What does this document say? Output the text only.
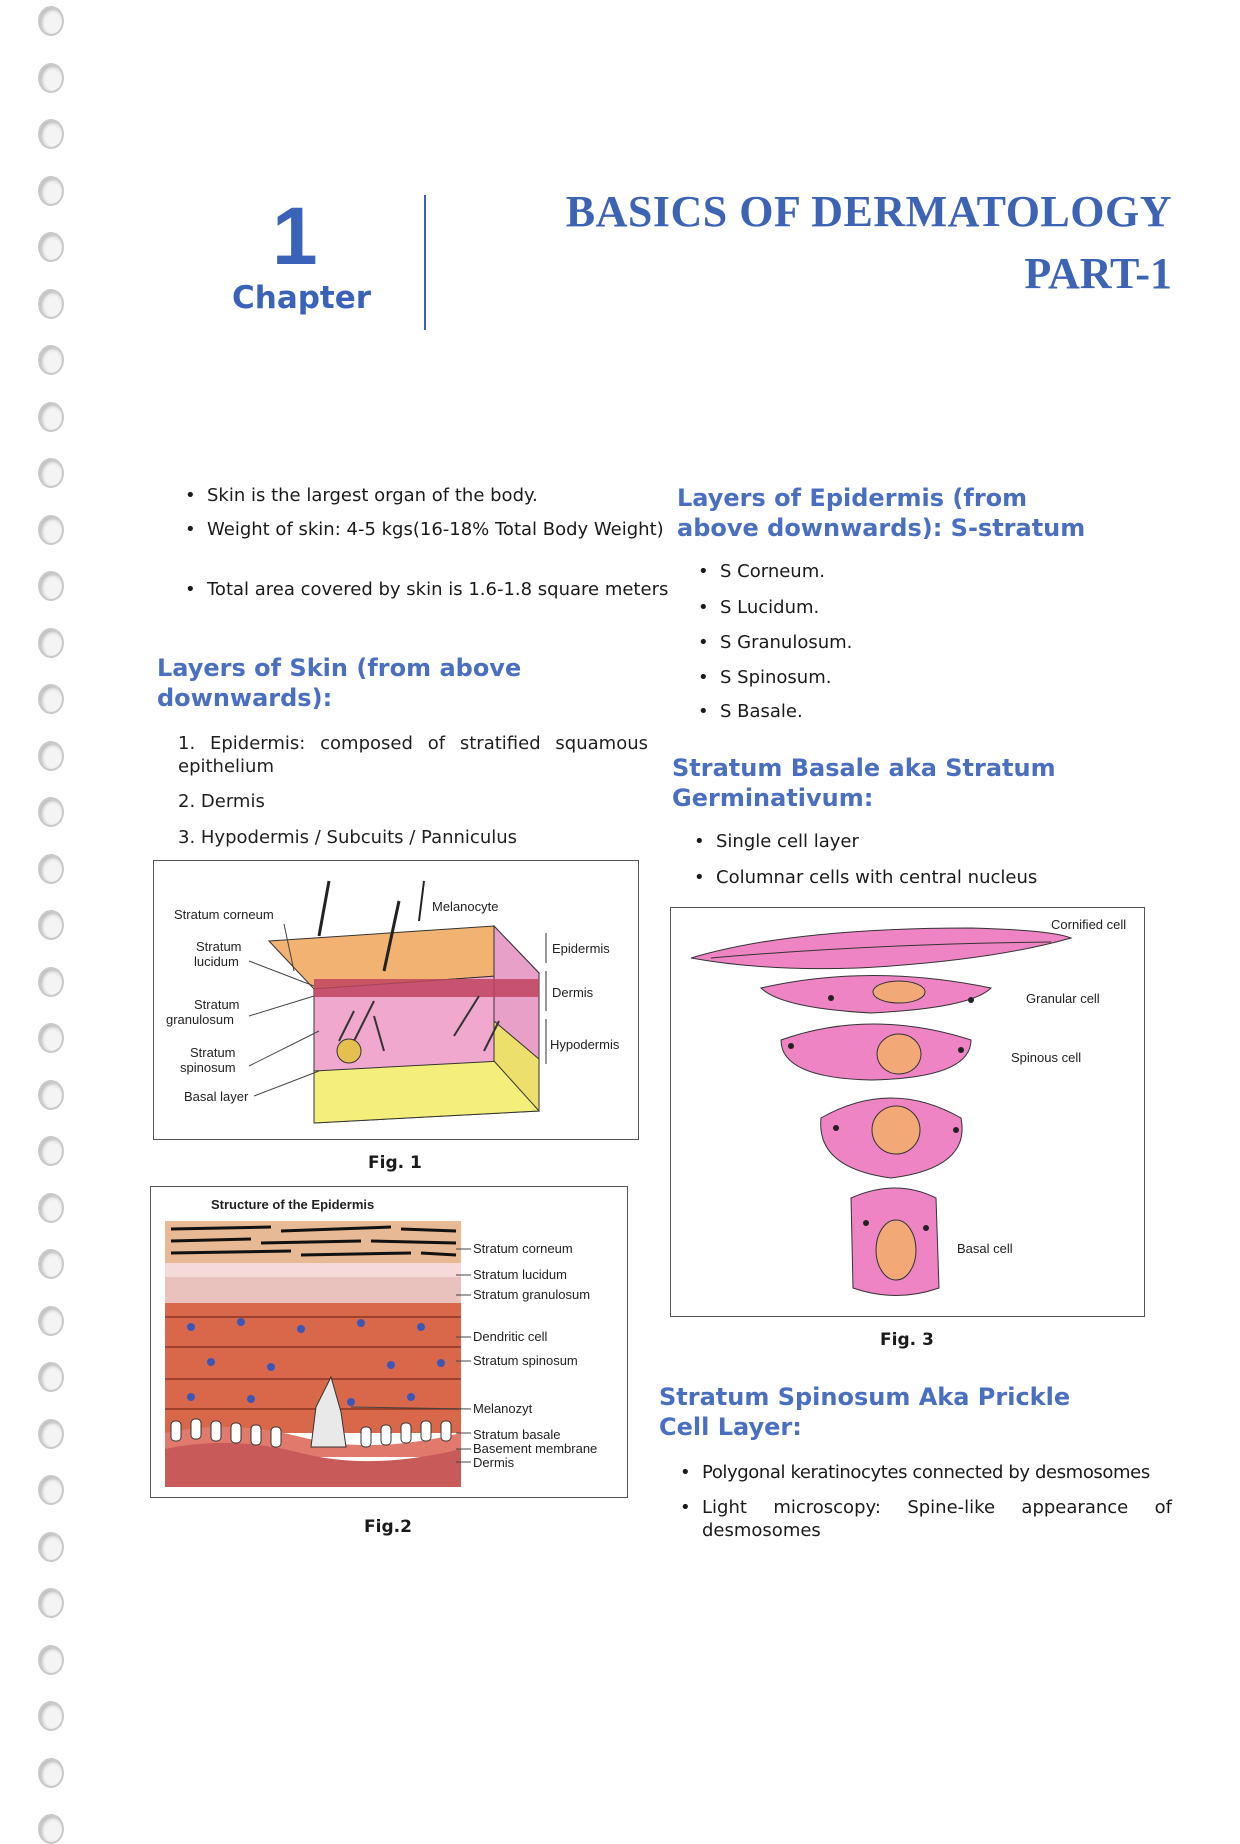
1
Chapter
BASICS OF DERMATOLOGY
PART-1
• Skin is the largest organ of the body.
• Weight of skin: 4-5 kgs(16-18% Total Body Weight)
• Total area covered by skin is 1.6-1.8 square meters
Layers of Skin (from above downwards):
1. Epidermis: composed of stratified squamous epithelium
2. Dermis
3. Hypodermis / Subcuits / Panniculus
Stratum corneum
Stratum
lucidum
Stratum
granulosum
Stratum
spinosum
Basal layer
Melanocyte
Epidermis
Dermis
Hypodermis
Fig. 1
Structure of the Epidermis
Stratum corneum
Stratum lucidum
Stratum granulosum
Dendritic cell
Stratum spinosum
Melanozyt
Stratum basale
Basement membrane
Dermis
Fig.2
Layers of Epidermis (from above downwards): S-stratum
• S Corneum.
• S Lucidum.
• S Granulosum.
• S Spinosum.
• S Basale.
Stratum Basale aka Stratum Germinativum:
• Single cell layer
• Columnar cells with central nucleus
Cornified cell
Granular cell
Spinous cell
Basal cell
Fig. 3
Stratum Spinosum Aka Prickle Cell Layer:
• Polygonal keratinocytes connected by desmosomes
• Light microscopy: Spine-like appearance of desmosomes
